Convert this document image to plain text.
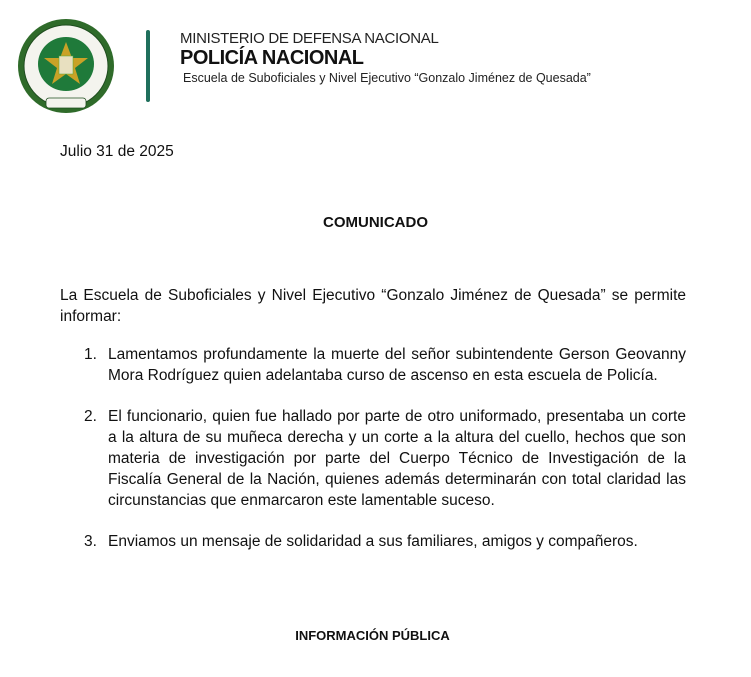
MINISTERIO DE DEFENSA NACIONAL
POLICÍA NACIONAL
Escuela de Suboficiales y Nivel Ejecutivo “Gonzalo Jiménez de Quesada”
Julio 31 de 2025
COMUNICADO

La Escuela de Suboficiales y Nivel Ejecutivo “Gonzalo Jiménez de Quesada” se permite informar:

1. Lamentamos profundamente la muerte del señor subintendente Gerson Geovanny Mora Rodríguez quien adelantaba curso de ascenso en esta escuela de Policía.
2. El funcionario, quien fue hallado por parte de otro uniformado, presentaba un corte a la altura de su muñeca derecha y un corte a la altura del cuello, hechos que son materia de investigación por parte del Cuerpo Técnico de Investigación de la Fiscalía General de la Nación, quienes además determinarán con total claridad las circunstancias que enmarcaron este lamentable suceso.
3. Enviamos un mensaje de solidaridad a sus familiares, amigos y compañeros.
INFORMACIÓN PÚBLICA
